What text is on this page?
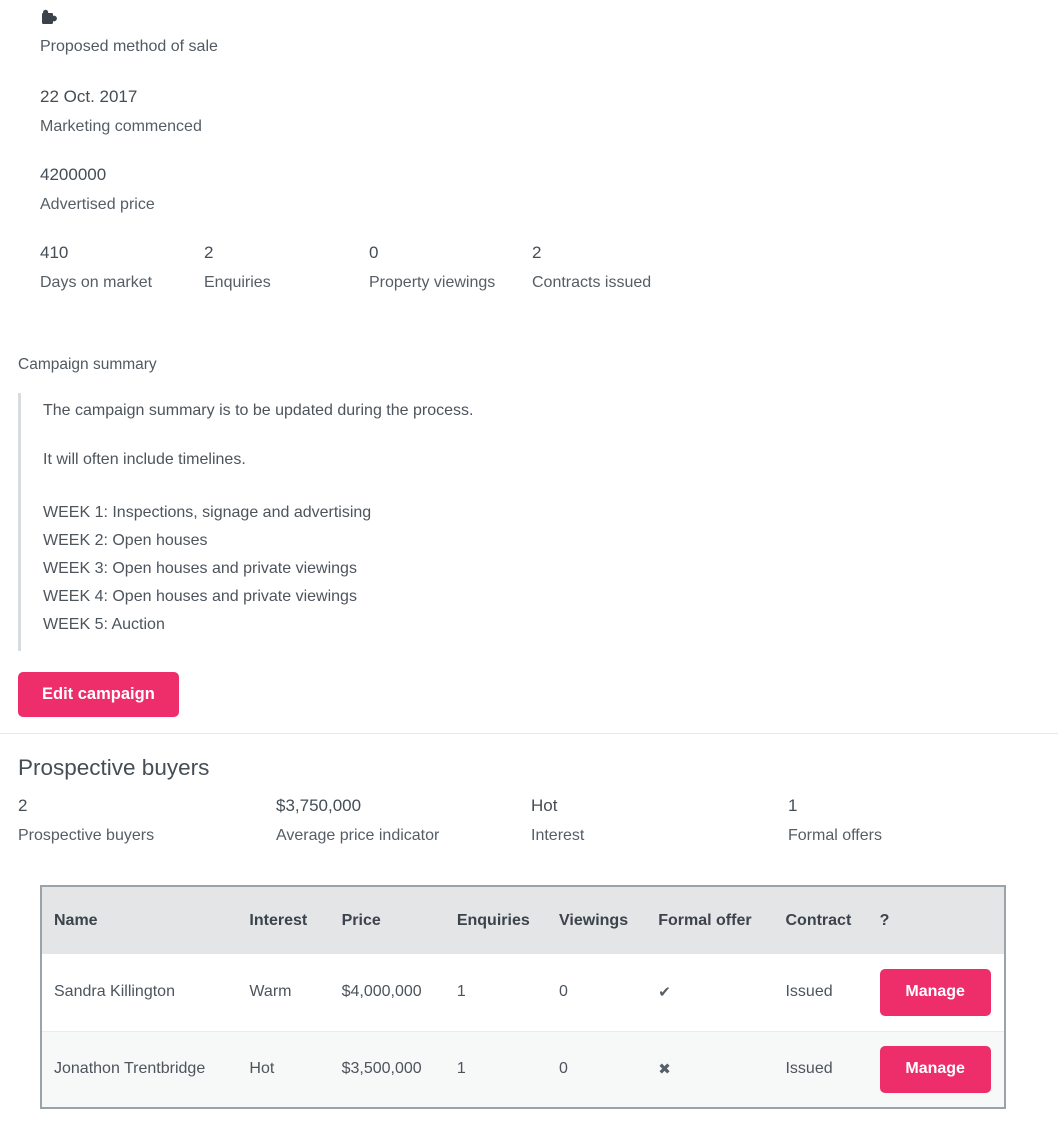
Proposed method of sale
22 Oct. 2017
Marketing commenced
4200000
Advertised price
410
Days on market
2
Enquiries
0
Property viewings
2
Contracts issued
Campaign summary

The campaign summary is to be updated during the process.

It will often include timelines.

WEEK 1: Inspections, signage and advertising
WEEK 2: Open houses
WEEK 3: Open houses and private viewings
WEEK 4: Open houses and private viewings
WEEK 5: Auction
Edit campaign
Prospective buyers
2
Prospective buyers
$3,750,000
Average price indicator
Hot
Interest
1
Formal offers
Name	Interest	Price	Enquiries	Viewings	Formal offer	Contract	?
Sandra Killington	Warm	$4,000,000	1	0	✔	Issued	Manage
Jonathon Trentbridge	Hot	$3,500,000	1	0	✖	Issued	Manage
